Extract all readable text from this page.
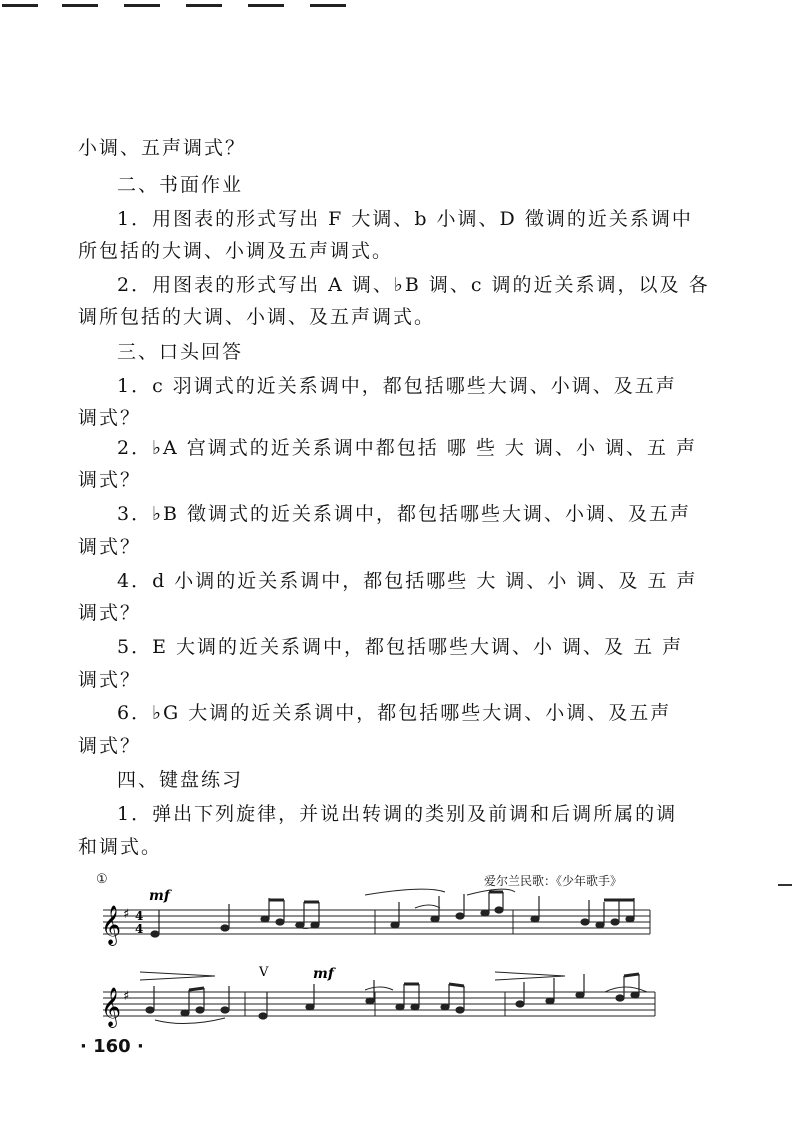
小调、五声调式？
二、书面作业
1．用图表的形式写出 F 大调、b 小调、D 徵调的近关系调中
所包括的大调、小调及五声调式。
2．用图表的形式写出 A 调、♭B 调、c 调的近关系调，以及 各
调所包括的大调、小调、及五声调式。
三、口头回答
1．c 羽调式的近关系调中，都包括哪些大调、小调、及五声
调式？
2．♭A 宫调式的近关系调中都包括 哪 些 大 调、小 调、五 声
调式？
3．♭B 徵调式的近关系调中，都包括哪些大调、小调、及五声
调式？
4．d 小调的近关系调中，都包括哪些 大 调、小 调、及 五 声
调式？
5．E 大调的近关系调中，都包括哪些大调、小 调、及 五 声
调式？
6．♭G 大调的近关系调中，都包括哪些大调、小调、及五声
调式？
四、键盘练习
1．弹出下列旋律，并说出转调的类别及前调和后调所属的调
和调式。
①	爱尔兰民歌：《少年歌手》
𝄞 ♯ 4
4
mf
𝄞 ♯
V	mf
· 160 ·
